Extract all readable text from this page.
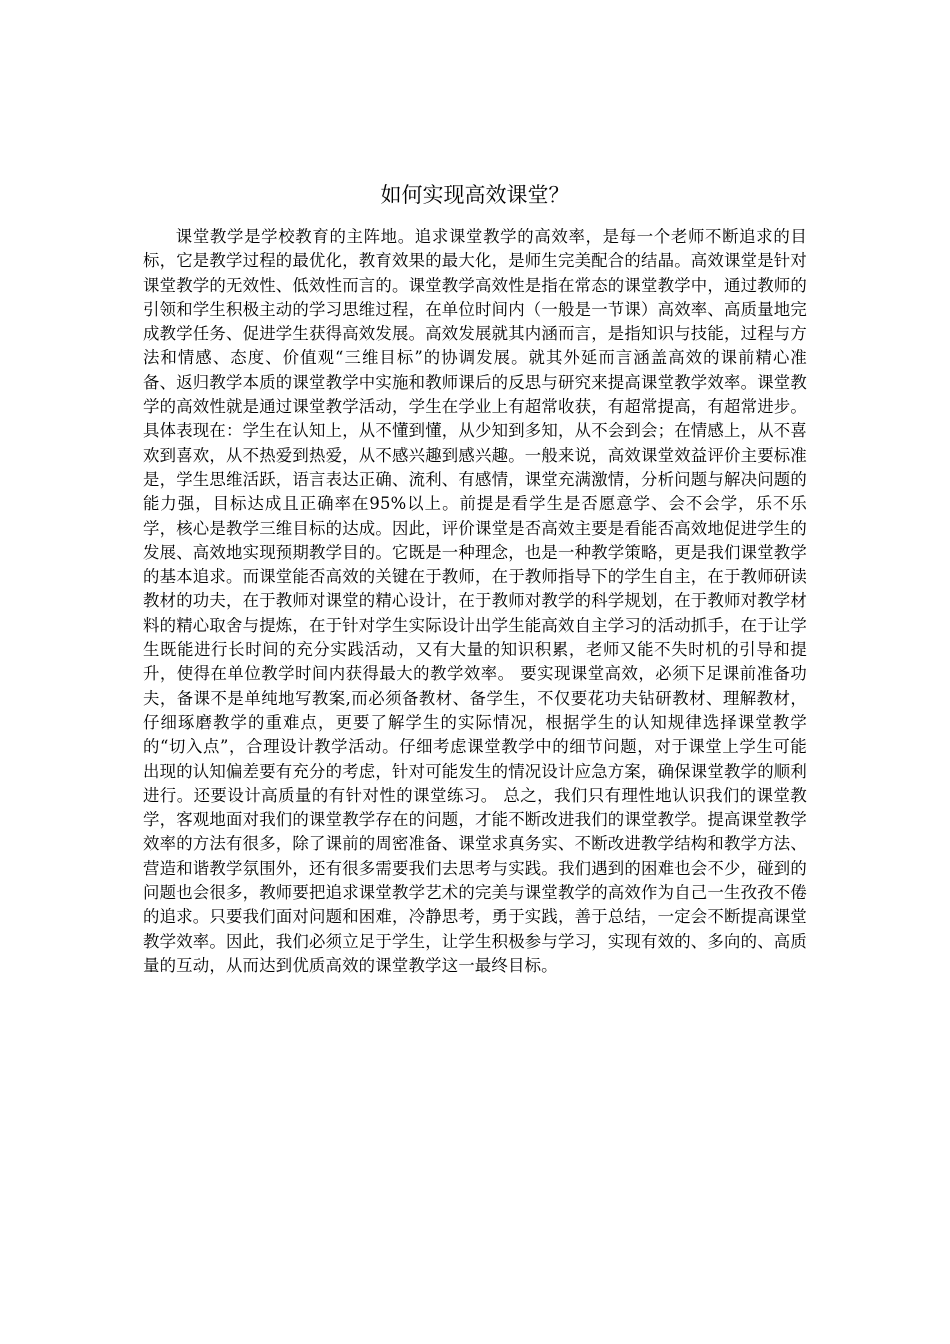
如何实现高效课堂？

课堂教学是学校教育的主阵地。追求课堂教学的高效率，是每一个老师不断追求的目标，它是教学过程的最优化，教育效果的最大化，是师生完美配合的结晶。高效课堂是针对课堂教学的无效性、低效性而言的。课堂教学高效性是指在常态的课堂教学中，通过教师的引领和学生积极主动的学习思维过程，在单位时间内（一般是一节课）高效率、高质量地完成教学任务、促进学生获得高效发展。高效发展就其内涵而言，是指知识与技能，过程与方法和情感、态度、价值观“三维目标”的协调发展。就其外延而言涵盖高效的课前精心准备、返归教学本质的课堂教学中实施和教师课后的反思与研究来提高课堂教学效率。课堂教学的高效性就是通过课堂教学活动，学生在学业上有超常收获，有超常提高，有超常进步。具体表现在：学生在认知上，从不懂到懂，从少知到多知，从不会到会；在情感上，从不喜欢到喜欢，从不热爱到热爱，从不感兴趣到感兴趣。一般来说，高效课堂效益评价主要标准是，学生思维活跃，语言表达正确、流利、有感情，课堂充满激情，分析问题与解决问题的能力强，目标达成且正确率在95%以上。前提是看学生是否愿意学、会不会学，乐不乐学，核心是教学三维目标的达成。因此，评价课堂是否高效主要是看能否高效地促进学生的发展、高效地实现预期教学目的。它既是一种理念，也是一种教学策略，更是我们课堂教学的基本追求。而课堂能否高效的关键在于教师，在于教师指导下的学生自主，在于教师研读教材的功夫，在于教师对课堂的精心设计，在于教师对教学的科学规划，在于教师对教学材料的精心取舍与提炼，在于针对学生实际设计出学生能高效自主学习的活动抓手，在于让学生既能进行长时间的充分实践活动，又有大量的知识积累，老师又能不失时机的引导和提升，使得在单位教学时间内获得最大的教学效率。 要实现课堂高效，必须下足课前准备功夫，备课不是单纯地写教案,而必须备教材、备学生，不仅要花功夫钻研教材、理解教材，仔细琢磨教学的重难点，更要了解学生的实际情况，根据学生的认知规律选择课堂教学的“切入点”，合理设计教学活动。仔细考虑课堂教学中的细节问题，对于课堂上学生可能出现的认知偏差要有充分的考虑，针对可能发生的情况设计应急方案，确保课堂教学的顺利进行。还要设计高质量的有针对性的课堂练习。 总之，我们只有理性地认识我们的课堂教学，客观地面对我们的课堂教学存在的问题，才能不断改进我们的课堂教学。提高课堂教学效率的方法有很多，除了课前的周密准备、课堂求真务实、不断改进教学结构和教学方法、营造和谐教学氛围外，还有很多需要我们去思考与实践。我们遇到的困难也会不少，碰到的问题也会很多，教师要把追求课堂教学艺术的完美与课堂教学的高效作为自己一生孜孜不倦的追求。只要我们面对问题和困难，冷静思考，勇于实践，善于总结，一定会不断提高课堂教学效率。因此，我们必须立足于学生，让学生积极参与学习，实现有效的、多向的、高质量的互动，从而达到优质高效的课堂教学这一最终目标。
